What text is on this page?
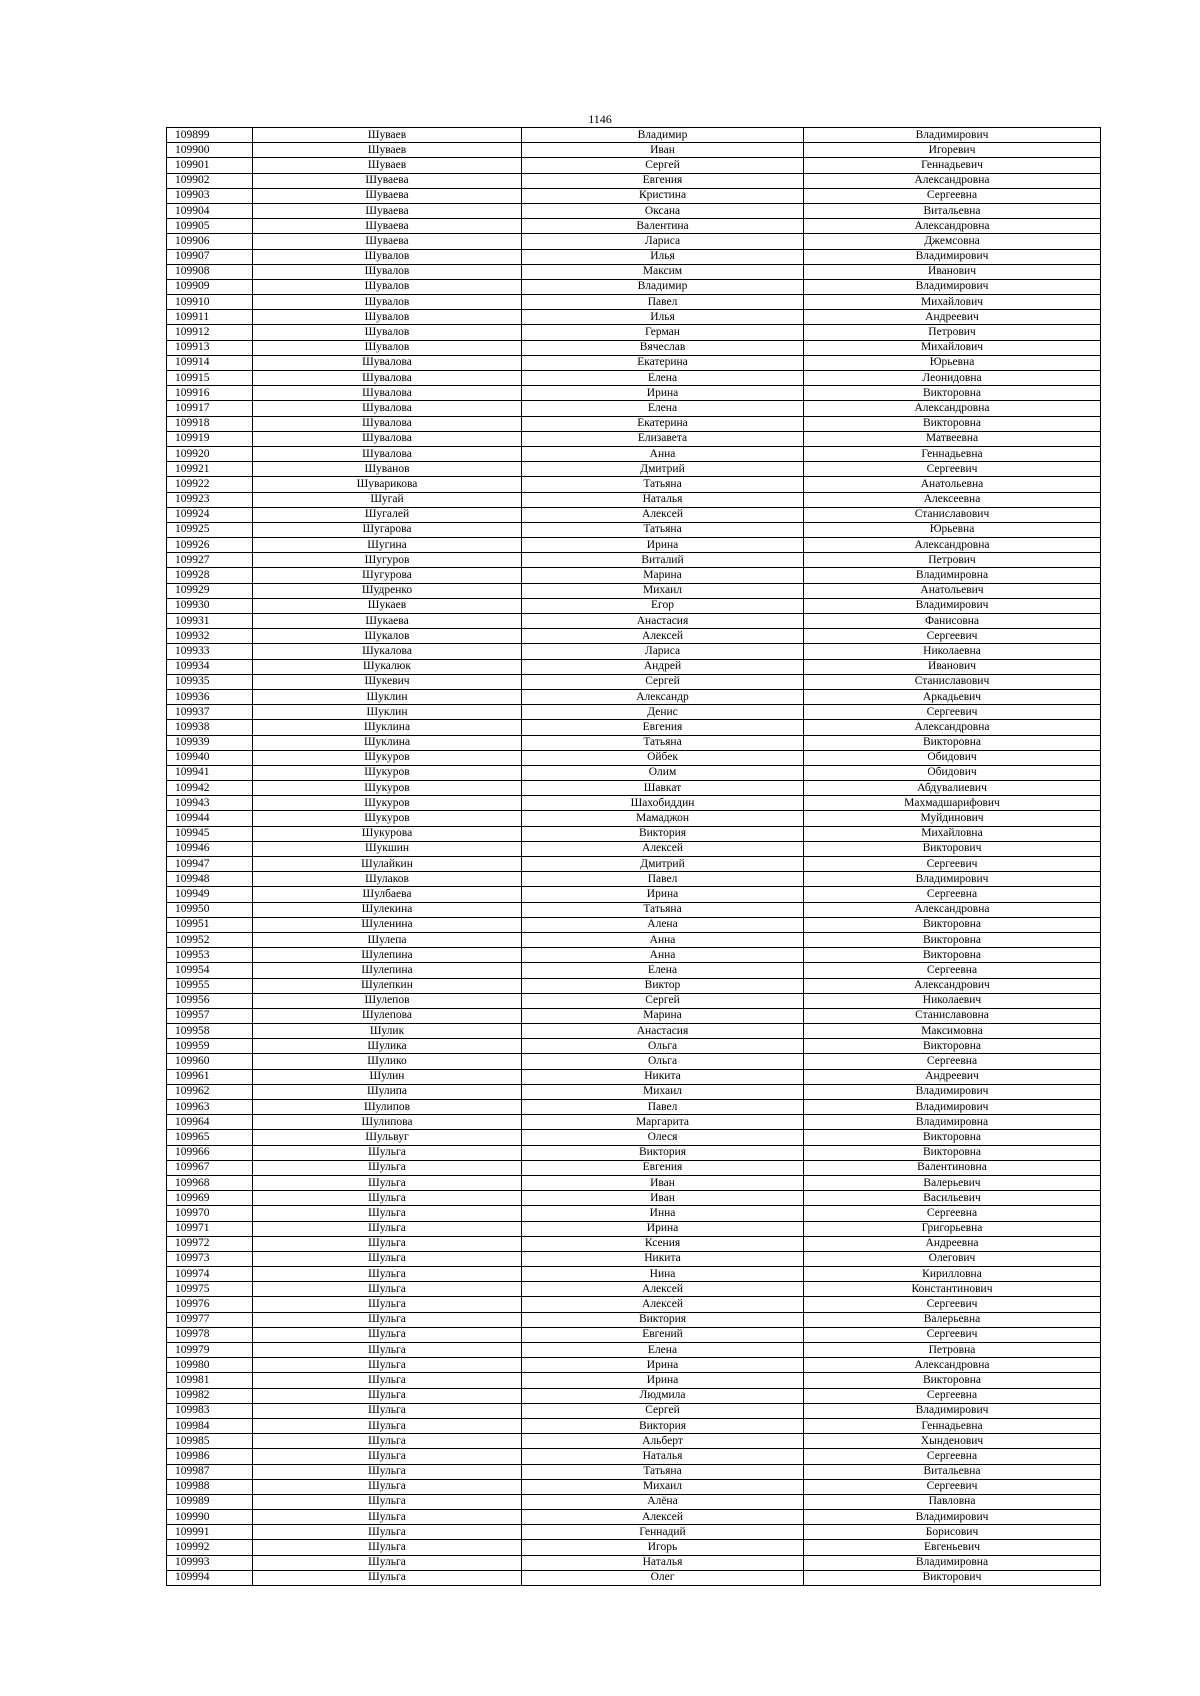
1146
109899	Шуваев	Владимир	Владимирович
109900	Шуваев	Иван	Игоревич
109901	Шуваев	Сергей	Геннадьевич
109902	Шуваева	Евгения	Александровна
109903	Шуваева	Кристина	Сергеевна
109904	Шуваева	Оксана	Витальевна
109905	Шуваева	Валентина	Александровна
109906	Шуваева	Лариса	Джемсовна
109907	Шувалов	Илья	Владимирович
109908	Шувалов	Максим	Иванович
109909	Шувалов	Владимир	Владимирович
109910	Шувалов	Павел	Михайлович
109911	Шувалов	Илья	Андреевич
109912	Шувалов	Герман	Петрович
109913	Шувалов	Вячеслав	Михайлович
109914	Шувалова	Екатерина	Юрьевна
109915	Шувалова	Елена	Леонидовна
109916	Шувалова	Ирина	Викторовна
109917	Шувалова	Елена	Александровна
109918	Шувалова	Екатерина	Викторовна
109919	Шувалова	Елизавета	Матвеевна
109920	Шувалова	Анна	Геннадьевна
109921	Шуванов	Дмитрий	Сергеевич
109922	Шуварикова	Татьяна	Анатольевна
109923	Шугай	Наталья	Алексеевна
109924	Шугалей	Алексей	Станиславович
109925	Шугарова	Татьяна	Юрьевна
109926	Шугина	Ирина	Александровна
109927	Шугуров	Виталий	Петрович
109928	Шугурова	Марина	Владимировна
109929	Шудренко	Михаил	Анатольевич
109930	Шукаев	Егор	Владимирович
109931	Шукаева	Анастасия	Фанисовна
109932	Шукалов	Алексей	Сергеевич
109933	Шукалова	Лариса	Николаевна
109934	Шукалюк	Андрей	Иванович
109935	Шукевич	Сергей	Станиславович
109936	Шуклин	Александр	Аркадьевич
109937	Шуклин	Денис	Сергеевич
109938	Шуклина	Евгения	Александровна
109939	Шуклина	Татьяна	Викторовна
109940	Шукуров	Ойбек	Обидович
109941	Шукуров	Олим	Обидович
109942	Шукуров	Шавкат	Абдувалиевич
109943	Шукуров	Шахобиддин	Махмадшарифович
109944	Шукуров	Мамаджон	Муйдинович
109945	Шукурова	Виктория	Михайловна
109946	Шукшин	Алексей	Викторович
109947	Шулайкин	Дмитрий	Сергеевич
109948	Шулаков	Павел	Владимирович
109949	Шулбаева	Ирина	Сергеевна
109950	Шулекина	Татьяна	Александровна
109951	Шуленина	Алена	Викторовна
109952	Шулепа	Анна	Викторовна
109953	Шулепина	Анна	Викторовна
109954	Шулепина	Елена	Сергеевна
109955	Шулепкин	Виктор	Александрович
109956	Шулепов	Сергей	Николаевич
109957	Шулепова	Марина	Станиславовна
109958	Шулик	Анастасия	Максимовна
109959	Шулика	Ольга	Викторовна
109960	Шулико	Ольга	Сергеевна
109961	Шулин	Никита	Андреевич
109962	Шулипа	Михаил	Владимирович
109963	Шулипов	Павел	Владимирович
109964	Шулипова	Маргарита	Владимировна
109965	Шульвуг	Олеся	Викторовна
109966	Шульга	Виктория	Викторовна
109967	Шульга	Евгения	Валентиновна
109968	Шульга	Иван	Валерьевич
109969	Шульга	Иван	Васильевич
109970	Шульга	Инна	Сергеевна
109971	Шульга	Ирина	Григорьевна
109972	Шульга	Ксения	Андреевна
109973	Шульга	Никита	Олегович
109974	Шульга	Нина	Кирилловна
109975	Шульга	Алексей	Константинович
109976	Шульга	Алексей	Сергеевич
109977	Шульга	Виктория	Валерьевна
109978	Шульга	Евгений	Сергеевич
109979	Шульга	Елена	Петровна
109980	Шульга	Ирина	Александровна
109981	Шульга	Ирина	Викторовна
109982	Шульга	Людмила	Сергеевна
109983	Шульга	Сергей	Владимирович
109984	Шульга	Виктория	Геннадьевна
109985	Шульга	Альберт	Хынденович
109986	Шульга	Наталья	Сергеевна
109987	Шульга	Татьяна	Витальевна
109988	Шульга	Михаил	Сергеевич
109989	Шульга	Алёна	Павловна
109990	Шульга	Алексей	Владимирович
109991	Шульга	Геннадий	Борисович
109992	Шульга	Игорь	Евгеньевич
109993	Шульга	Наталья	Владимировна
109994	Шульга	Олег	Викторович
